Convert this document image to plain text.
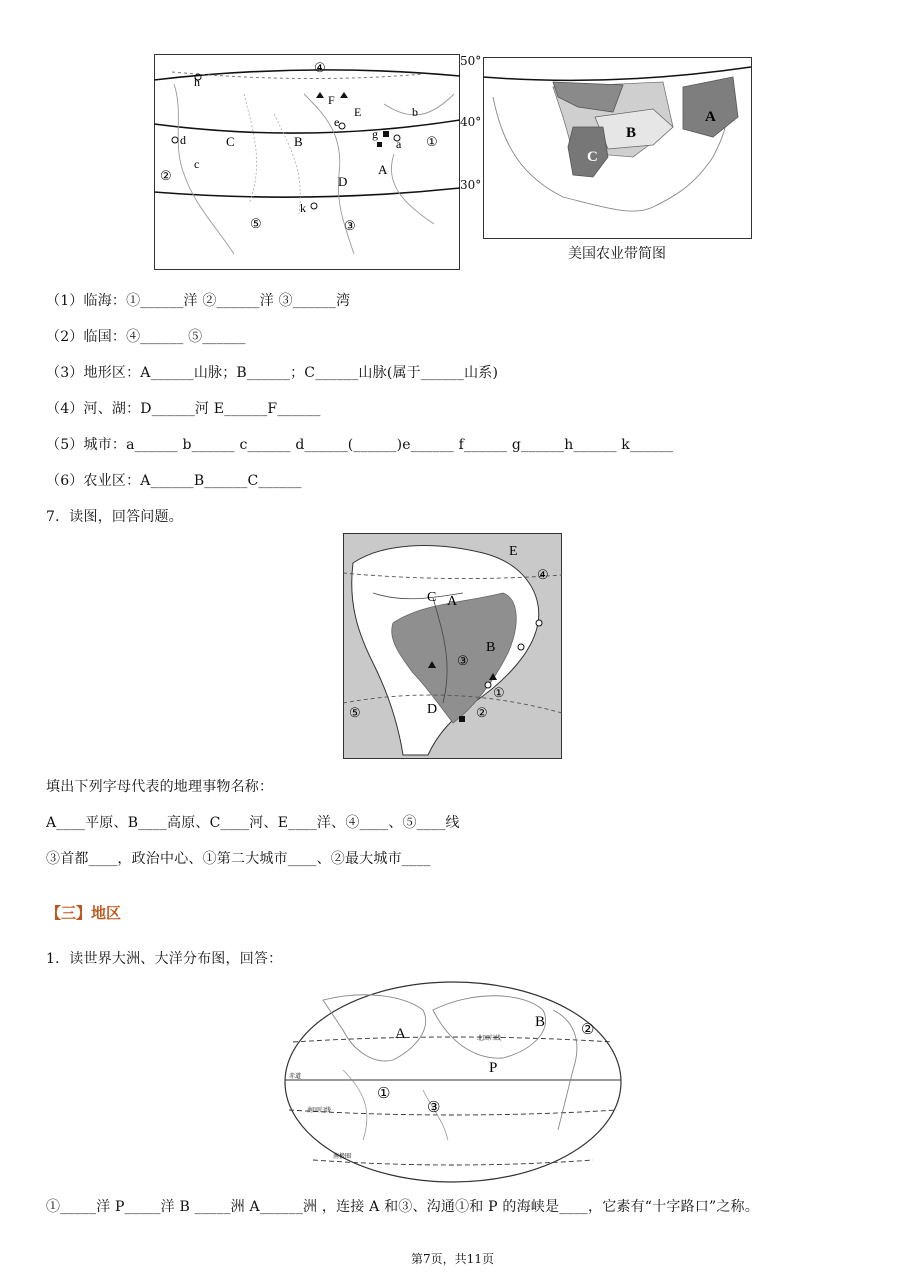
④
h
F
E
e
b
d	C	B	g
a ①
c	A
②	D
⑤
k
③
50°
40°
30°
A
B
C
美国农业带简图
（1）临海：①______洋 ②______洋 ③______湾
（2）临国：④______ ⑤______
（3）地形区：A______山脉；B______；C______山脉(属于______山系)
（4）河、湖：D______河 E______F______
（5）城市：a______ b______ c______ d______(______)e______ f______ g______h______ k______
（6）农业区：A______B______C______
7．读图，回答问题。
E
④
C A
B
③
①
②
D
⑤
填出下列字母代表的地理事物名称：
A____平原、B____高原、C____河、E____洋、④____、⑤____线
③首都____，政治中心、①第二大城市____、②最大城市____
【三】地区
1．读世界大洲、大洋分布图，回答：
A
B ②
P
①
③
赤道
北回归线
南回归线
南极圈
①_____洋 P_____洋 B _____洲 A______洲 ，连接 A 和③、沟通①和 P 的海峡是____，它素有“十字路口”之称。
第7页，共11页
